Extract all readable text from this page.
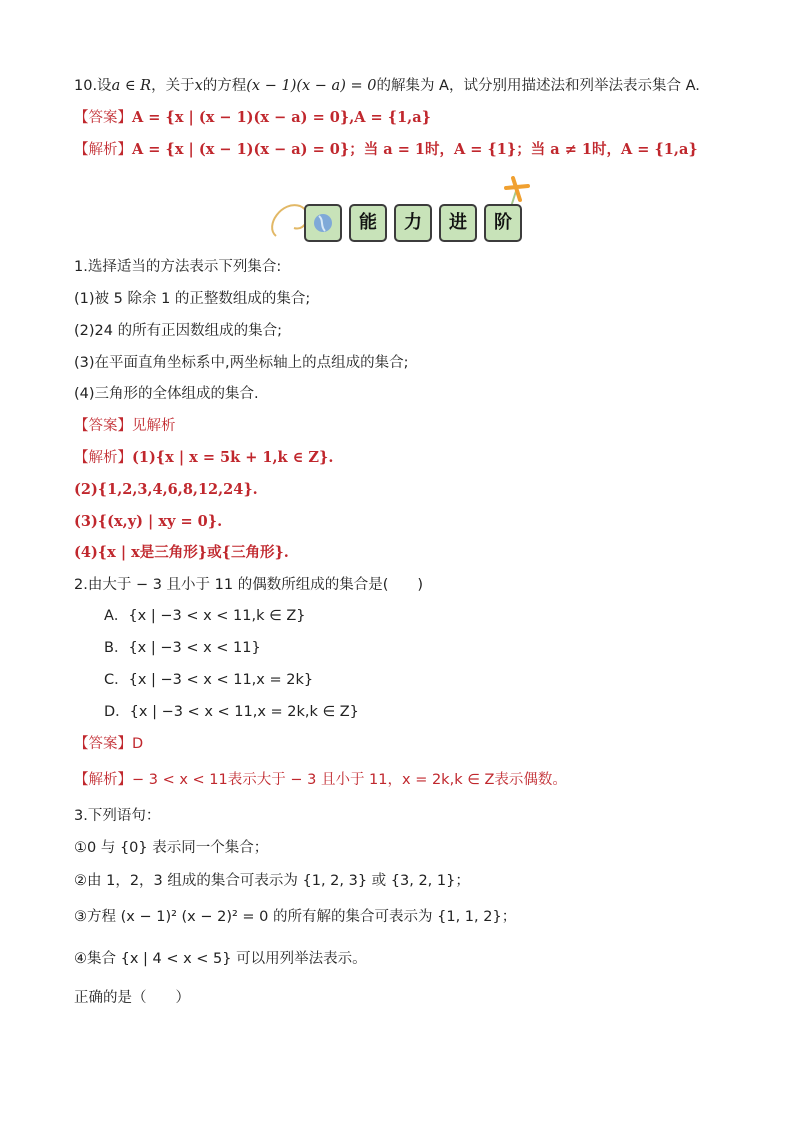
10.设a ∈ R，关于x的方程(x − 1)(x − a) = 0的解集为 A，试分别用描述法和列举法表示集合 A.
【答案】A = {x | (x − 1)(x − a) = 0},A = {1,a}
【解析】A = {x | (x − 1)(x − a) = 0}；当 a = 1时，A = {1}；当 a ≠ 1时，A = {1,a}
能	力	进	阶
1.选择适当的方法表示下列集合:
(1)被 5 除余 1 的正整数组成的集合;
(2)24 的所有正因数组成的集合;
(3)在平面直角坐标系中,两坐标轴上的点组成的集合;
(4)三角形的全体组成的集合.
【答案】见解析
【解析】(1){x | x = 5k + 1,k ∈ Z}.
(2){1,2,3,4,6,8,12,24}.
(3){(x,y) | xy = 0}.
(4){x | x是三角形}或{三角形}.
2.由大于 − 3 且小于 11 的偶数所组成的集合是(　　)
A．{x | −3 < x < 11,k ∈ Z}
B．{x | −3 < x < 11}
C．{x | −3 < x < 11,x = 2k}
D．{x | −3 < x < 11,x = 2k,k ∈ Z}
【答案】D
【解析】− 3 < x < 11表示大于 − 3 且小于 11，x = 2k,k ∈ Z表示偶数。
3.下列语句：
①0 与 {0} 表示同一个集合；
②由 1，2，3 组成的集合可表示为 {1, 2, 3} 或 {3, 2, 1}；
③方程 (x − 1)² (x − 2)² = 0 的所有解的集合可表示为 {1, 1, 2}；
④集合 {x | 4 < x < 5} 可以用列举法表示。
正确的是（　　）
